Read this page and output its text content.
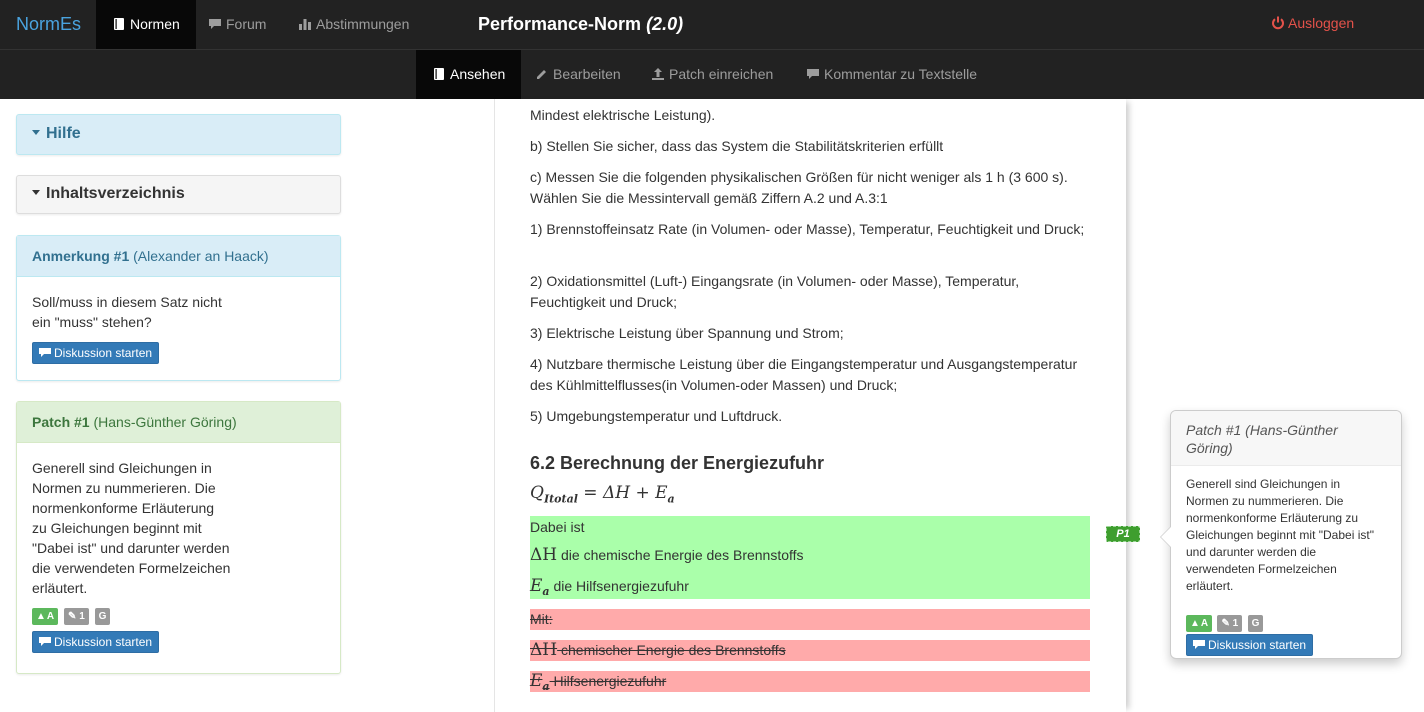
NormEs	Normen	Forum	Abstimmungen	Performance-Norm (2.0)	Ausloggen
Ansehen	Bearbeiten	Patch einreichen	Kommentar zu Textstelle
Hilfe
Inhaltsverzeichnis
Anmerkung #1 (Alexander an Haack)

Soll/muss in diesem Satz nicht ein "muss" stehen?

Diskussion starten
Patch #1 (Hans-Günther Göring)

Generell sind Gleichungen in Normen zu nummerieren. Die normenkonforme Erläuterung zu Gleichungen beginnt mit "Dabei ist" und darunter werden die verwendeten Formelzeichen erläutert.

▲A ✎ 1 G
Diskussion starten
Mindest elektrische Leistung).
b) Stellen Sie sicher, dass das System die Stabilitätskriterien erfüllt
c) Messen Sie die folgenden physikalischen Größen für nicht weniger als 1 h (3 600 s). Wählen Sie die Messintervall gemäß Ziffern A.2 und A.3:1
1) Brennstoffeinsatz Rate (in Volumen- oder Masse), Temperatur, Feuchtigkeit und Druck;
2) Oxidationsmittel (Luft-) Eingangsrate (in Volumen- oder Masse), Temperatur, Feuchtigkeit und Druck;
3) Elektrische Leistung über Spannung und Strom;
4) Nutzbare thermische Leistung über die Eingangstemperatur und Ausgangstemperatur des Kühlmittelflusses(in Volumen-oder Massen) und Druck;
5) Umgebungstemperatur und Luftdruck.
6.2 Berechnung der Energiezufuhr
$Q_{Itotal} = \Delta H + E_a$
Dabei ist
ΔH die chemische Energie des Brennstoffs
$E_a$ die Hilfsenergiezufuhr
Mit:
ΔH chemischer Energie des Brennstoffs
$E_a$ Hilfsenergiezufuhr
P1
Patch #1 (Hans-Günther Göring)

Generell sind Gleichungen in Normen zu nummerieren. Die normenkonforme Erläuterung zu Gleichungen beginnt mit "Dabei ist" und darunter werden die verwendeten Formelzeichen erläutert.

▲A ✎ 1 G
Diskussion starten
